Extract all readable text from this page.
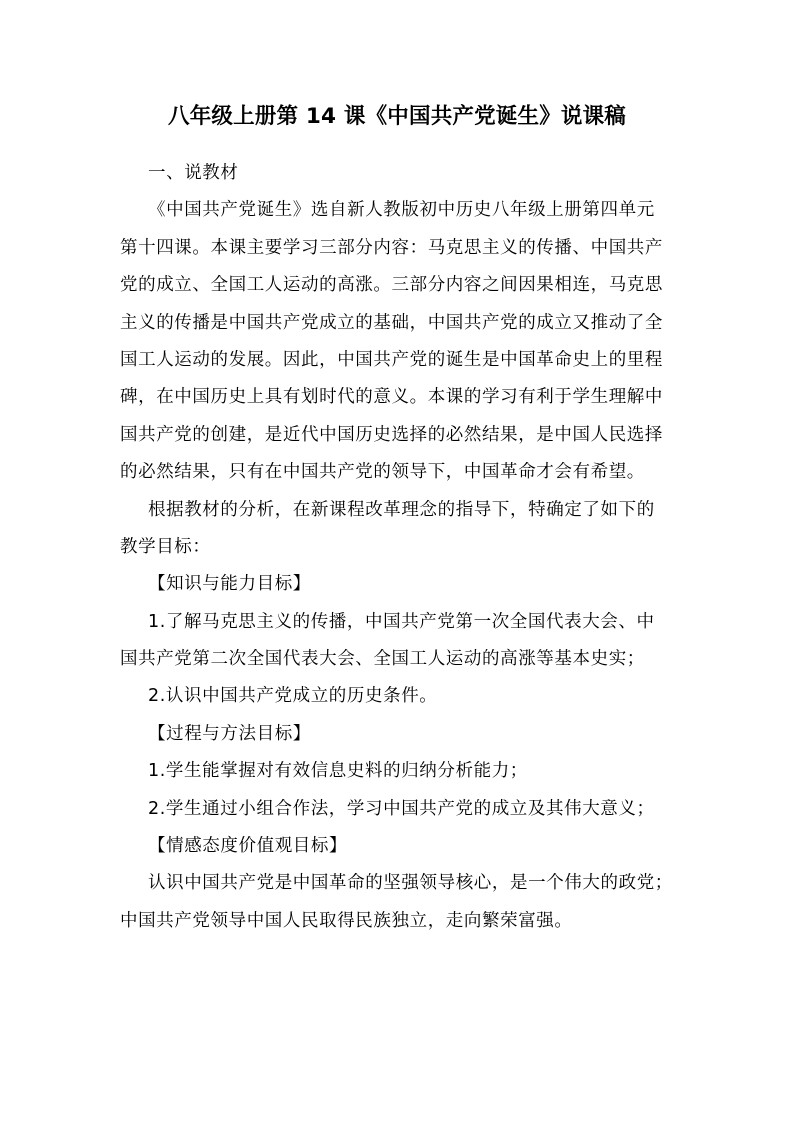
八年级上册第 14 课《中国共产党诞生》说课稿
一、说教材
《中国共产党诞生》选自新人教版初中历史八年级上册第四单元
第十四课。本课主要学习三部分内容：马克思主义的传播、中国共产
党的成立、全国工人运动的高涨。三部分内容之间因果相连，马克思
主义的传播是中国共产党成立的基础，中国共产党的成立又推动了全
国工人运动的发展。因此，中国共产党的诞生是中国革命史上的里程
碑，在中国历史上具有划时代的意义。本课的学习有利于学生理解中
国共产党的创建，是近代中国历史选择的必然结果，是中国人民选择
的必然结果，只有在中国共产党的领导下，中国革命才会有希望。
根据教材的分析，在新课程改革理念的指导下，特确定了如下的
教学目标：
【知识与能力目标】
1.了解马克思主义的传播，中国共产党第一次全国代表大会、中
国共产党第二次全国代表大会、全国工人运动的高涨等基本史实；
2.认识中国共产党成立的历史条件。
【过程与方法目标】
1.学生能掌握对有效信息史料的归纳分析能力；
2.学生通过小组合作法，学习中国共产党的成立及其伟大意义；
【情感态度价值观目标】
认识中国共产党是中国革命的坚强领导核心，是一个伟大的政党；
中国共产党领导中国人民取得民族独立，走向繁荣富强。
